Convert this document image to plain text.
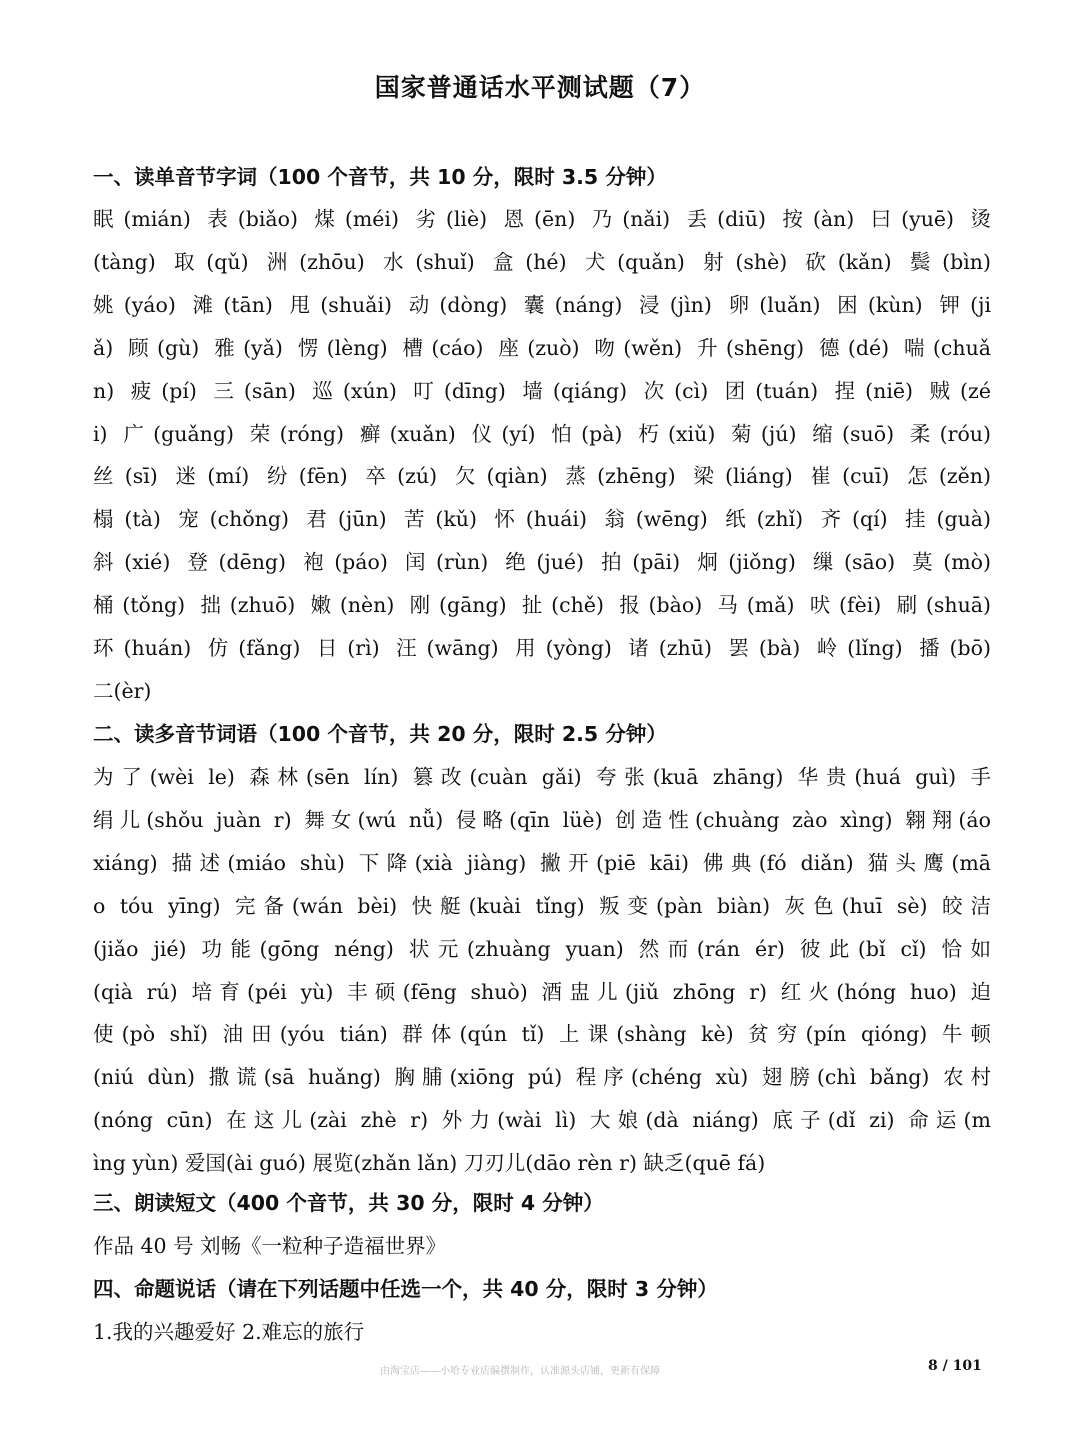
国家普通话水平测试题（7）
一、读单音节字词（100 个音节，共 10 分，限时 3.5 分钟）
眠(mián) 表(biǎo) 煤(méi) 劣(liè) 恩(ēn) 乃(nǎi) 丢(diū) 按(àn) 曰(yuē) 烫
(tàng) 取(qǔ) 洲(zhōu) 水(shuǐ) 盒(hé) 犬(quǎn) 射(shè) 砍(kǎn) 鬓(bìn)
姚(yáo) 滩(tān) 甩(shuǎi) 动(dòng) 囊(náng) 浸(jìn) 卵(luǎn) 困(kùn) 钾(ji
ǎ) 顾(gù) 雅(yǎ) 愣(lèng) 槽(cáo) 座(zuò) 吻(wěn) 升(shēng) 德(dé) 喘(chuǎ
n) 疲(pí) 三(sān) 巡(xún) 叮(dīng) 墙(qiáng) 次(cì) 团(tuán) 捏(niē) 贼(zé
i) 广(guǎng) 荣(róng) 癣(xuǎn) 仪(yí) 怕(pà) 朽(xiǔ) 菊(jú) 缩(suō) 柔(róu)
丝(sī) 迷(mí) 纷(fēn) 卒(zú) 欠(qiàn) 蒸(zhēng) 梁(liáng) 崔(cuī) 怎(zěn)
榻(tà) 宠(chǒng) 君(jūn) 苦(kǔ) 怀(huái) 翁(wēng) 纸(zhǐ) 齐(qí) 挂(guà)
斜(xié) 登(dēng) 袍(páo) 闰(rùn) 绝(jué) 拍(pāi) 炯(jiǒng) 缫(sāo) 莫(mò)
桶(tǒng) 拙(zhuō) 嫩(nèn) 刚(gāng) 扯(chě) 报(bào) 马(mǎ) 吠(fèi) 刷(shuā)
环(huán) 仿(fǎng) 日(rì) 汪(wāng) 用(yòng) 诸(zhū) 罢(bà) 岭(lǐng) 播(bō)
二(èr)
二、读多音节词语（100 个音节，共 20 分，限时 2.5 分钟）
为了(wèi le) 森林(sēn lín) 篡改(cuàn gǎi) 夸张(kuā zhāng) 华贵(huá guì) 手
绢儿(shǒu juàn r) 舞女(wú nǚ) 侵略(qīn lüè) 创造性(chuàng zào xìng) 翱翔(áo
xiáng) 描述(miáo shù) 下降(xià jiàng) 撇开(piē kāi) 佛典(fó diǎn) 猫头鹰(mā
o tóu yīng) 完备(wán bèi) 快艇(kuài tǐng) 叛变(pàn biàn) 灰色(huī sè) 皎洁
(jiǎo jié) 功能(gōng néng) 状元(zhuàng yuan) 然而(rán ér) 彼此(bǐ cǐ) 恰如
(qià rú) 培育(péi yù) 丰硕(fēng shuò) 酒盅儿(jiǔ zhōng r) 红火(hóng huo) 迫
使(pò shǐ) 油田(yóu tián) 群体(qún tǐ) 上课(shàng kè) 贫穷(pín qióng) 牛顿
(niú dùn) 撒谎(sā huǎng) 胸脯(xiōng pú) 程序(chéng xù) 翅膀(chì bǎng) 农村
(nóng cūn) 在这儿(zài zhè r) 外力(wài lì) 大娘(dà niáng) 底子(dǐ zi) 命运(m
ìng yùn) 爱国(ài guó) 展览(zhǎn lǎn) 刀刃儿(dāo rèn r) 缺乏(quē fá)
三、朗读短文（400 个音节，共 30 分，限时 4 分钟）
作品 40 号 刘畅《一粒种子造福世界》
四、命题说话（请在下列话题中任选一个，共 40 分，限时 3 分钟）
1.我的兴趣爱好 2.难忘的旅行
由淘宝店——小哈专业店编撰制作，认准源头店铺，更新有保障	8 / 101
